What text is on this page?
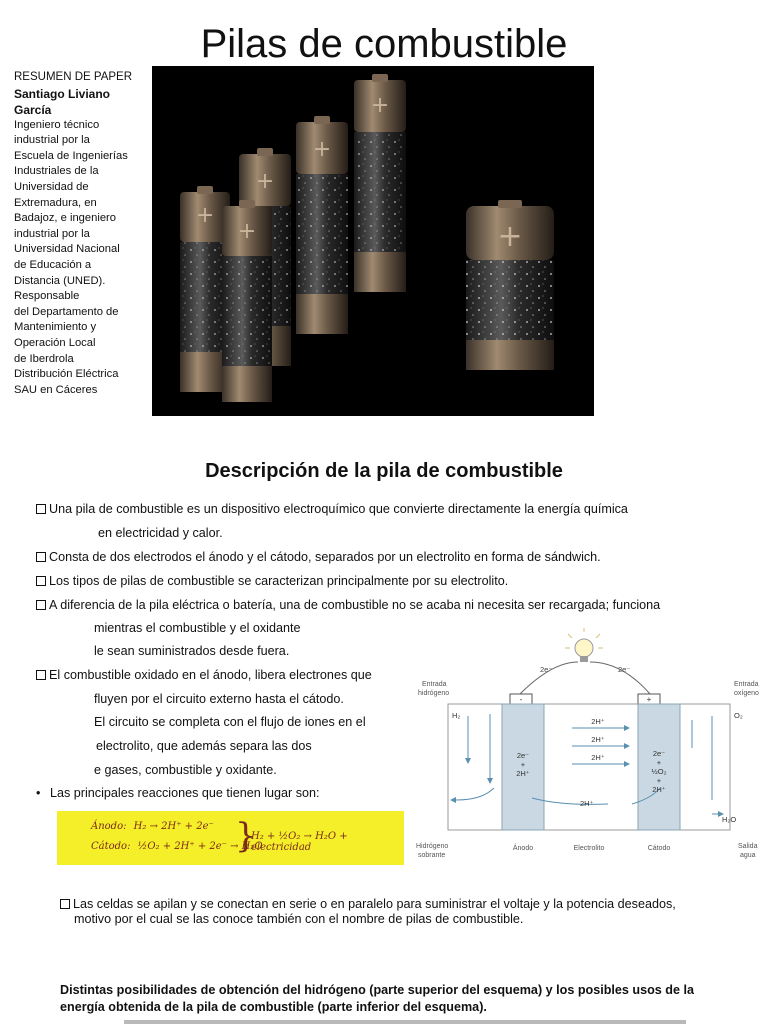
Pilas de combustible
RESUMEN DE PAPER
Santiago Liviano
García
Ingeniero técnico
industrial por la
Escuela de Ingenierías
Industriales de la
Universidad de
Extremadura, en
Badajoz, e ingeniero
industrial por la
Universidad Nacional
de Educación a
Distancia (UNED).
Responsable
del Departamento de
Mantenimiento y
Operación Local
de Iberdrola
Distribución Eléctrica
SAU en Cáceres
+
+
+
+
+	+
Descripción de la pila de combustible
Una pila de combustible es un dispositivo electroquímico que convierte directamente la energía química
en electricidad y calor.
Consta de dos electrodos el ánodo y el cátodo, separados por un electrolito en forma de sándwich.
Los tipos de pilas de combustible se caracterizan principalmente por su electrolito.
A diferencia de la pila eléctrica o batería, una de combustible no se acaba ni necesita ser recargada; funciona
mientras el combustible y el oxidante
le sean suministrados desde fuera.
El combustible oxidado en el ánodo, libera electrones que
fluyen por el circuito externo hasta el cátodo.
El circuito se completa con el flujo de iones en el
electrolito, que además separa las dos
e gases, combustible y oxidante.
• Las principales reacciones que tienen lugar son:
Ánodo: H₂ → 2H⁺ + 2e⁻
Cátodo: ½O₂ + 2H⁺ + 2e⁻ → H₂O
}
H₂ + ½O₂ → H₂O + electricidad
2e⁻	2e⁻
-	+
Entrada
hidrógeno
Entrada
oxígeno
H₂	O₂
2H⁺
2H⁺
2H⁺
2H⁺
2e⁻
+
2H⁺
2e⁻
+
½O₂
+
2H⁺
H₂O
Hidrógeno
sobrante
Ánodo	Electrolito	Cátodo	Salida
agua
Las celdas se apilan y se conectan en serie o en paralelo para suministrar el voltaje y la potencia deseados,
motivo por el cual se las conoce también con el nombre de pilas de combustible.
Distintas posibilidades de obtención del hidrógeno (parte superior del esquema) y los posibles usos de la energía obtenida de la pila de combustible (parte inferior del esquema).
